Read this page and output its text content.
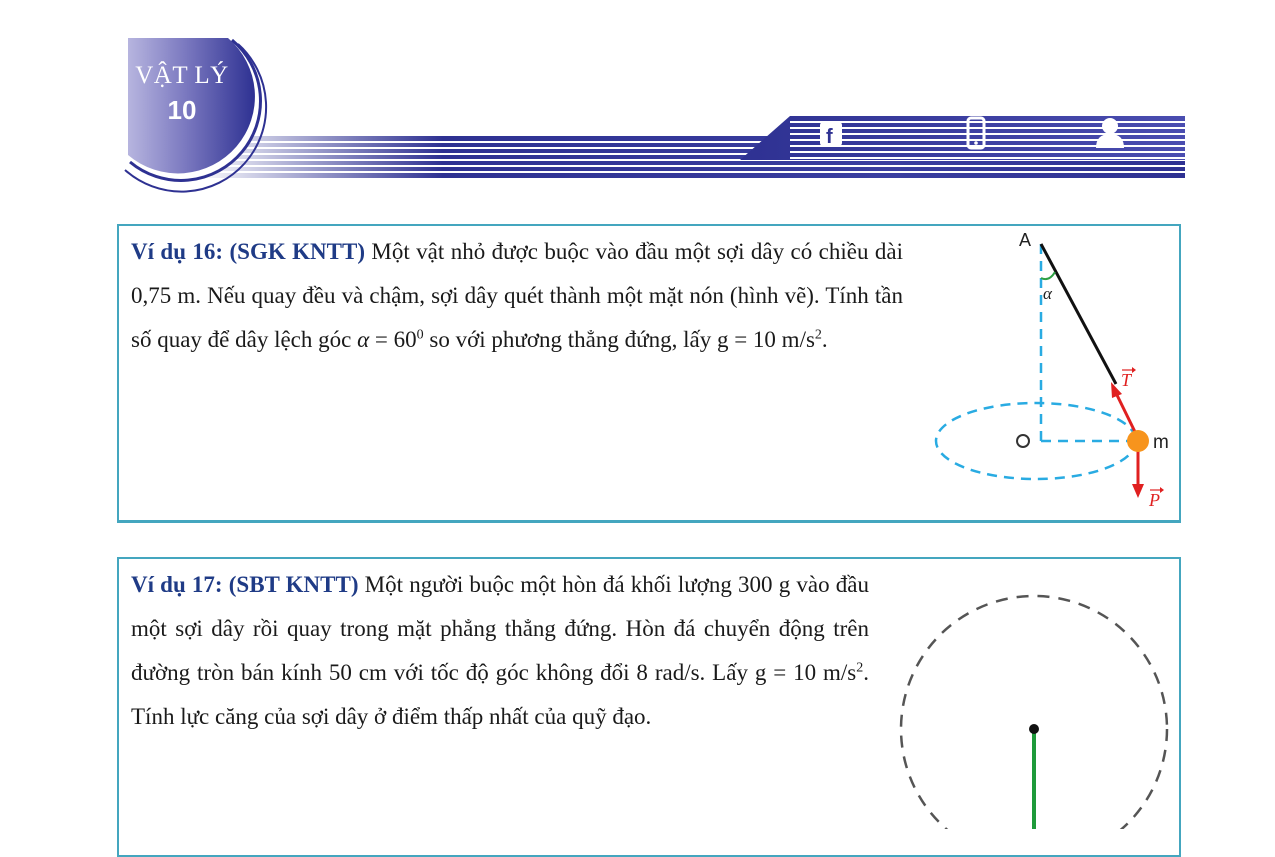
f
VẬT LÝ
10
Ví dụ 16: (SGK KNTT) Một vật nhỏ được buộc vào đầu một sợi dây có chiều dài 0,75 m. Nếu quay đều và chậm, sợi dây quét thành một mặt nón (hình vẽ). Tính tần số quay để dây lệch góc $\alpha = 60^0$ so với phương thẳng đứng, lấy g = 10 $m/s^2$.
A
α
m
T
P
Ví dụ 17: (SBT KNTT) Một người buộc một hòn đá khối lượng 300 g vào đầu một sợi dây rồi quay trong mặt phẳng thẳng đứng. Hòn đá chuyển động trên đường tròn bán kính 50 cm với tốc độ góc không đổi 8 rad/s. Lấy g = 10 $m/s^2$. Tính lực căng của sợi dây ở điểm thấp nhất của quỹ đạo.
